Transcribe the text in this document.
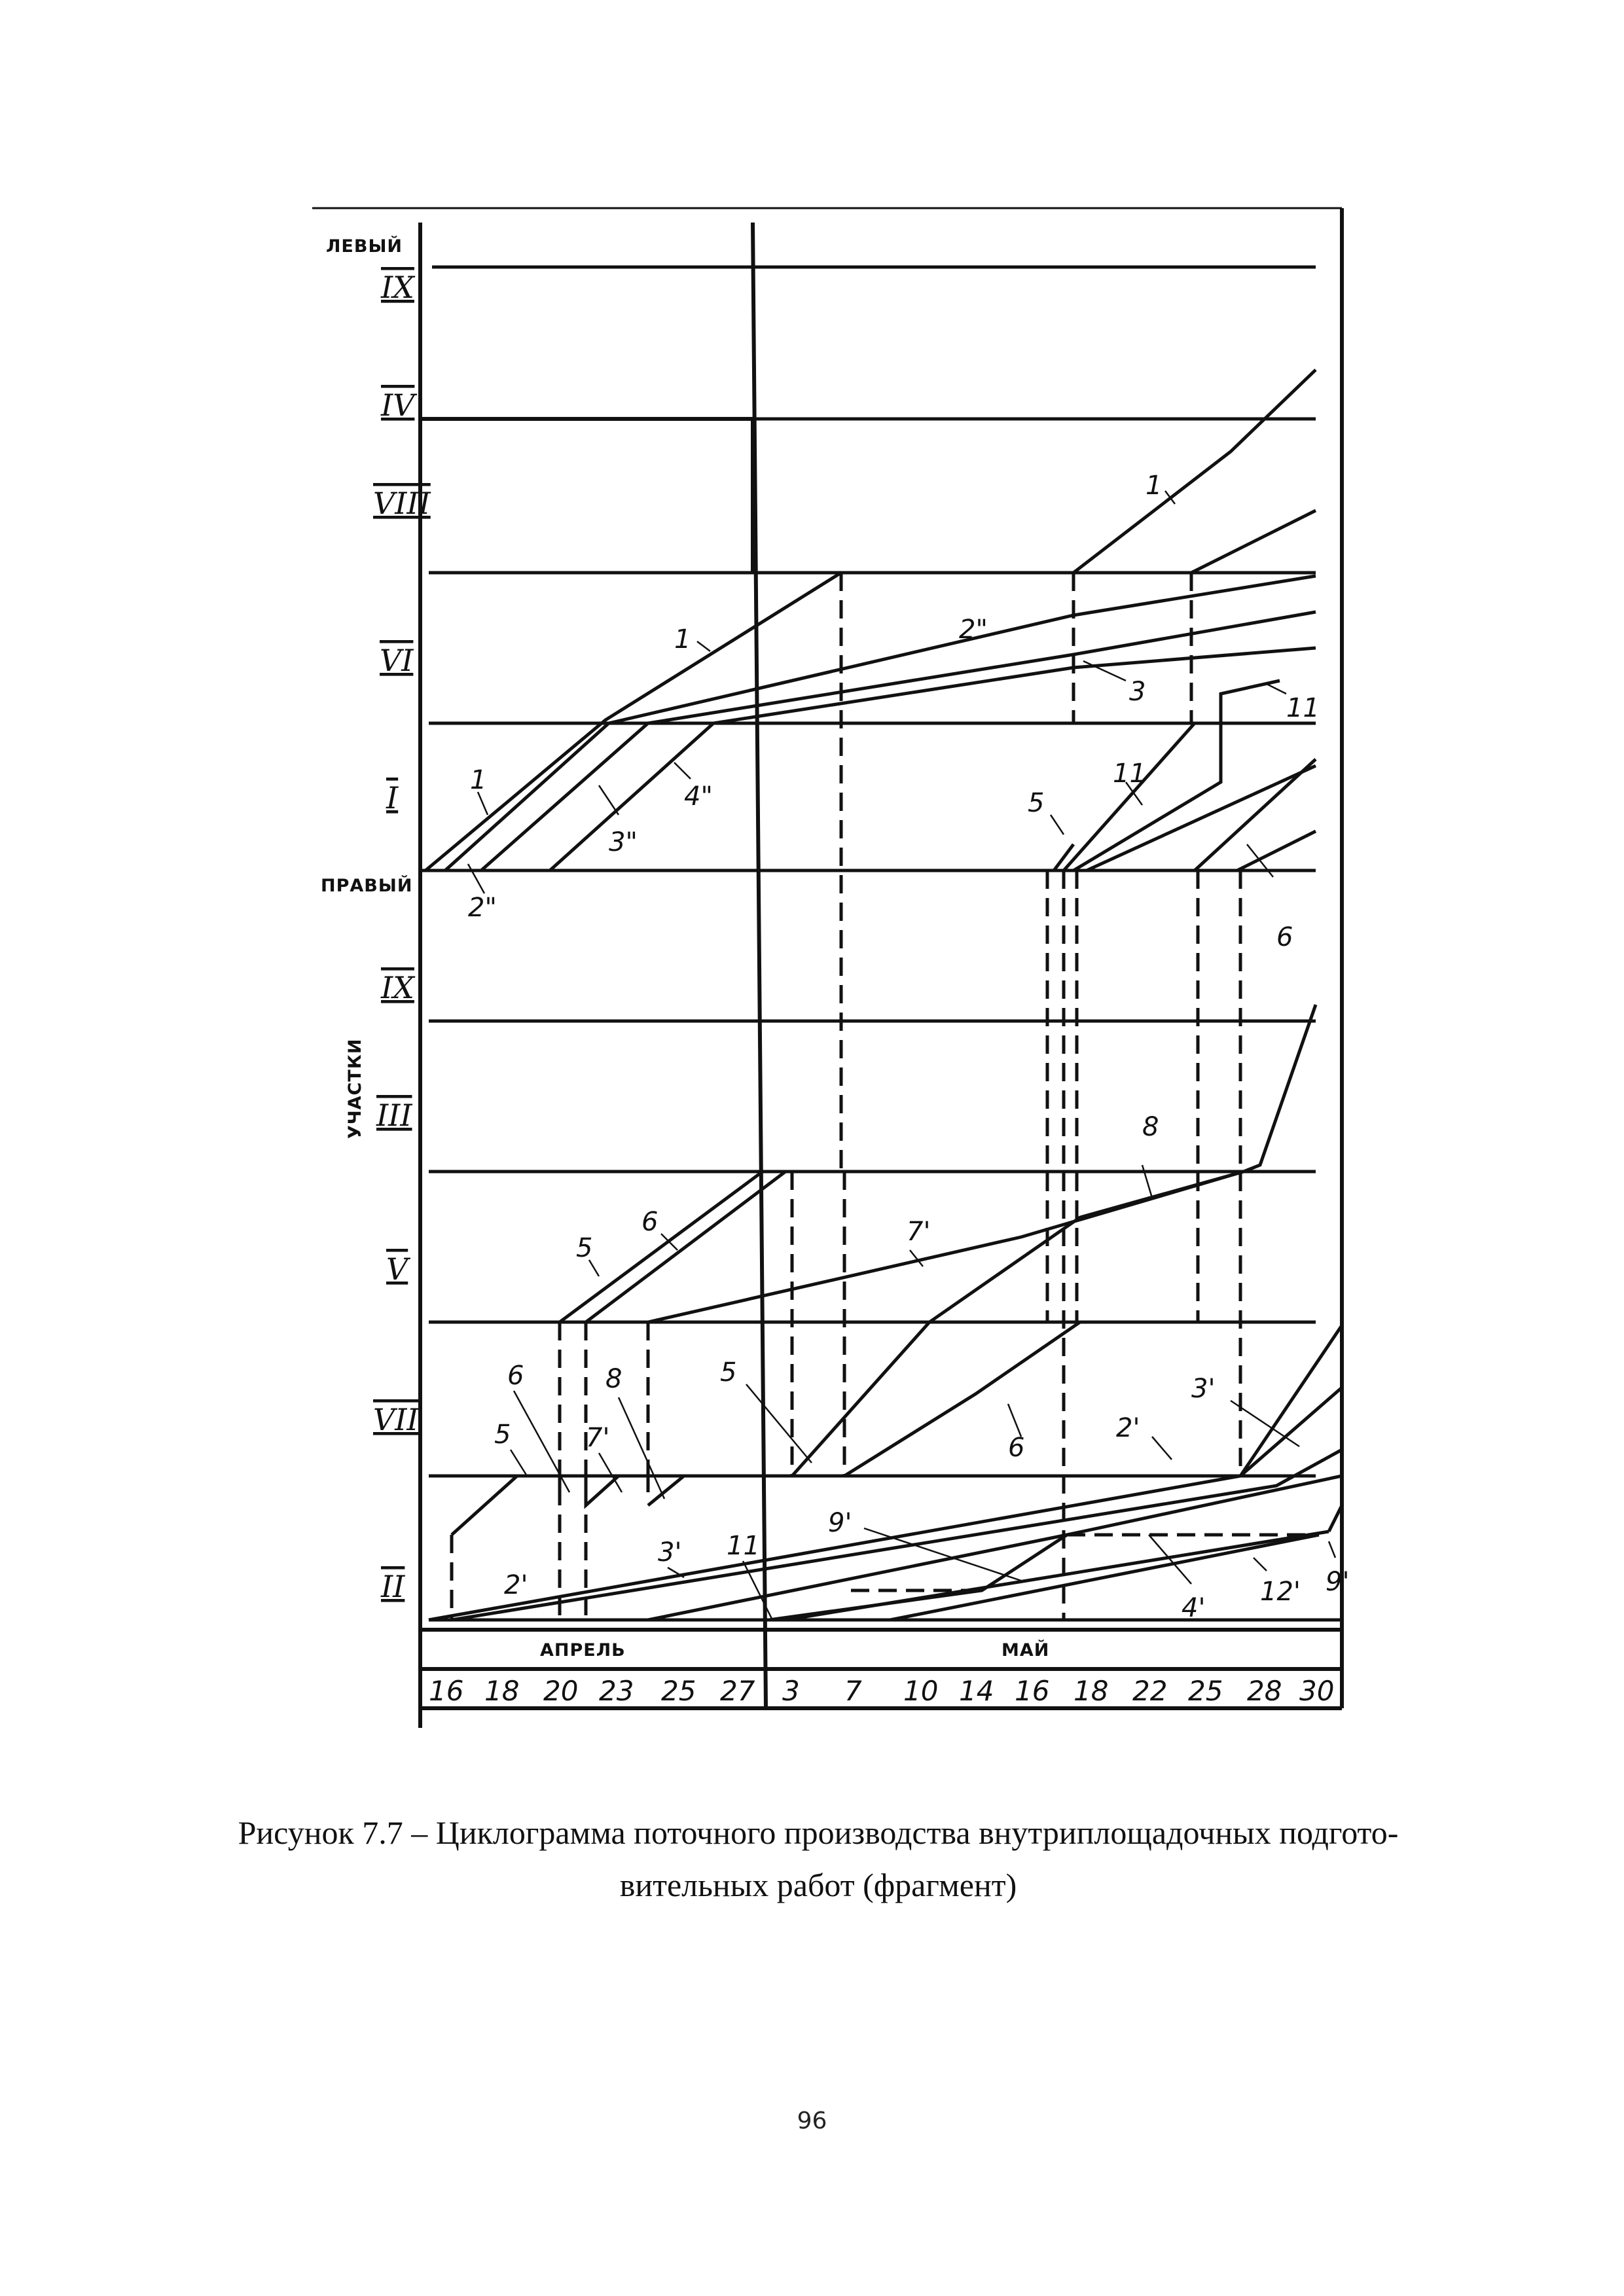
ЛЕВЫЙ
ПРАВЫЙ
УЧАСТКИ
IX
IV
VIII
VI
I
IX
III
V
VII
II
1
1
1
2"
2"
3"
4"
3
11
11
5
6
8
7'
5
6
5
6	8
7'
5	6
2'
3'
11
9'
2'
3'
4'
12' 9'
АПРЕЛЬ	МАЙ
16 18 20 23 25 27 3 7 10 14 16 18 22 25 28 30
Рисунок 7.7 – Циклограмма поточного производства внутриплощадочных подгото-
вительных работ (фрагмент)
96
